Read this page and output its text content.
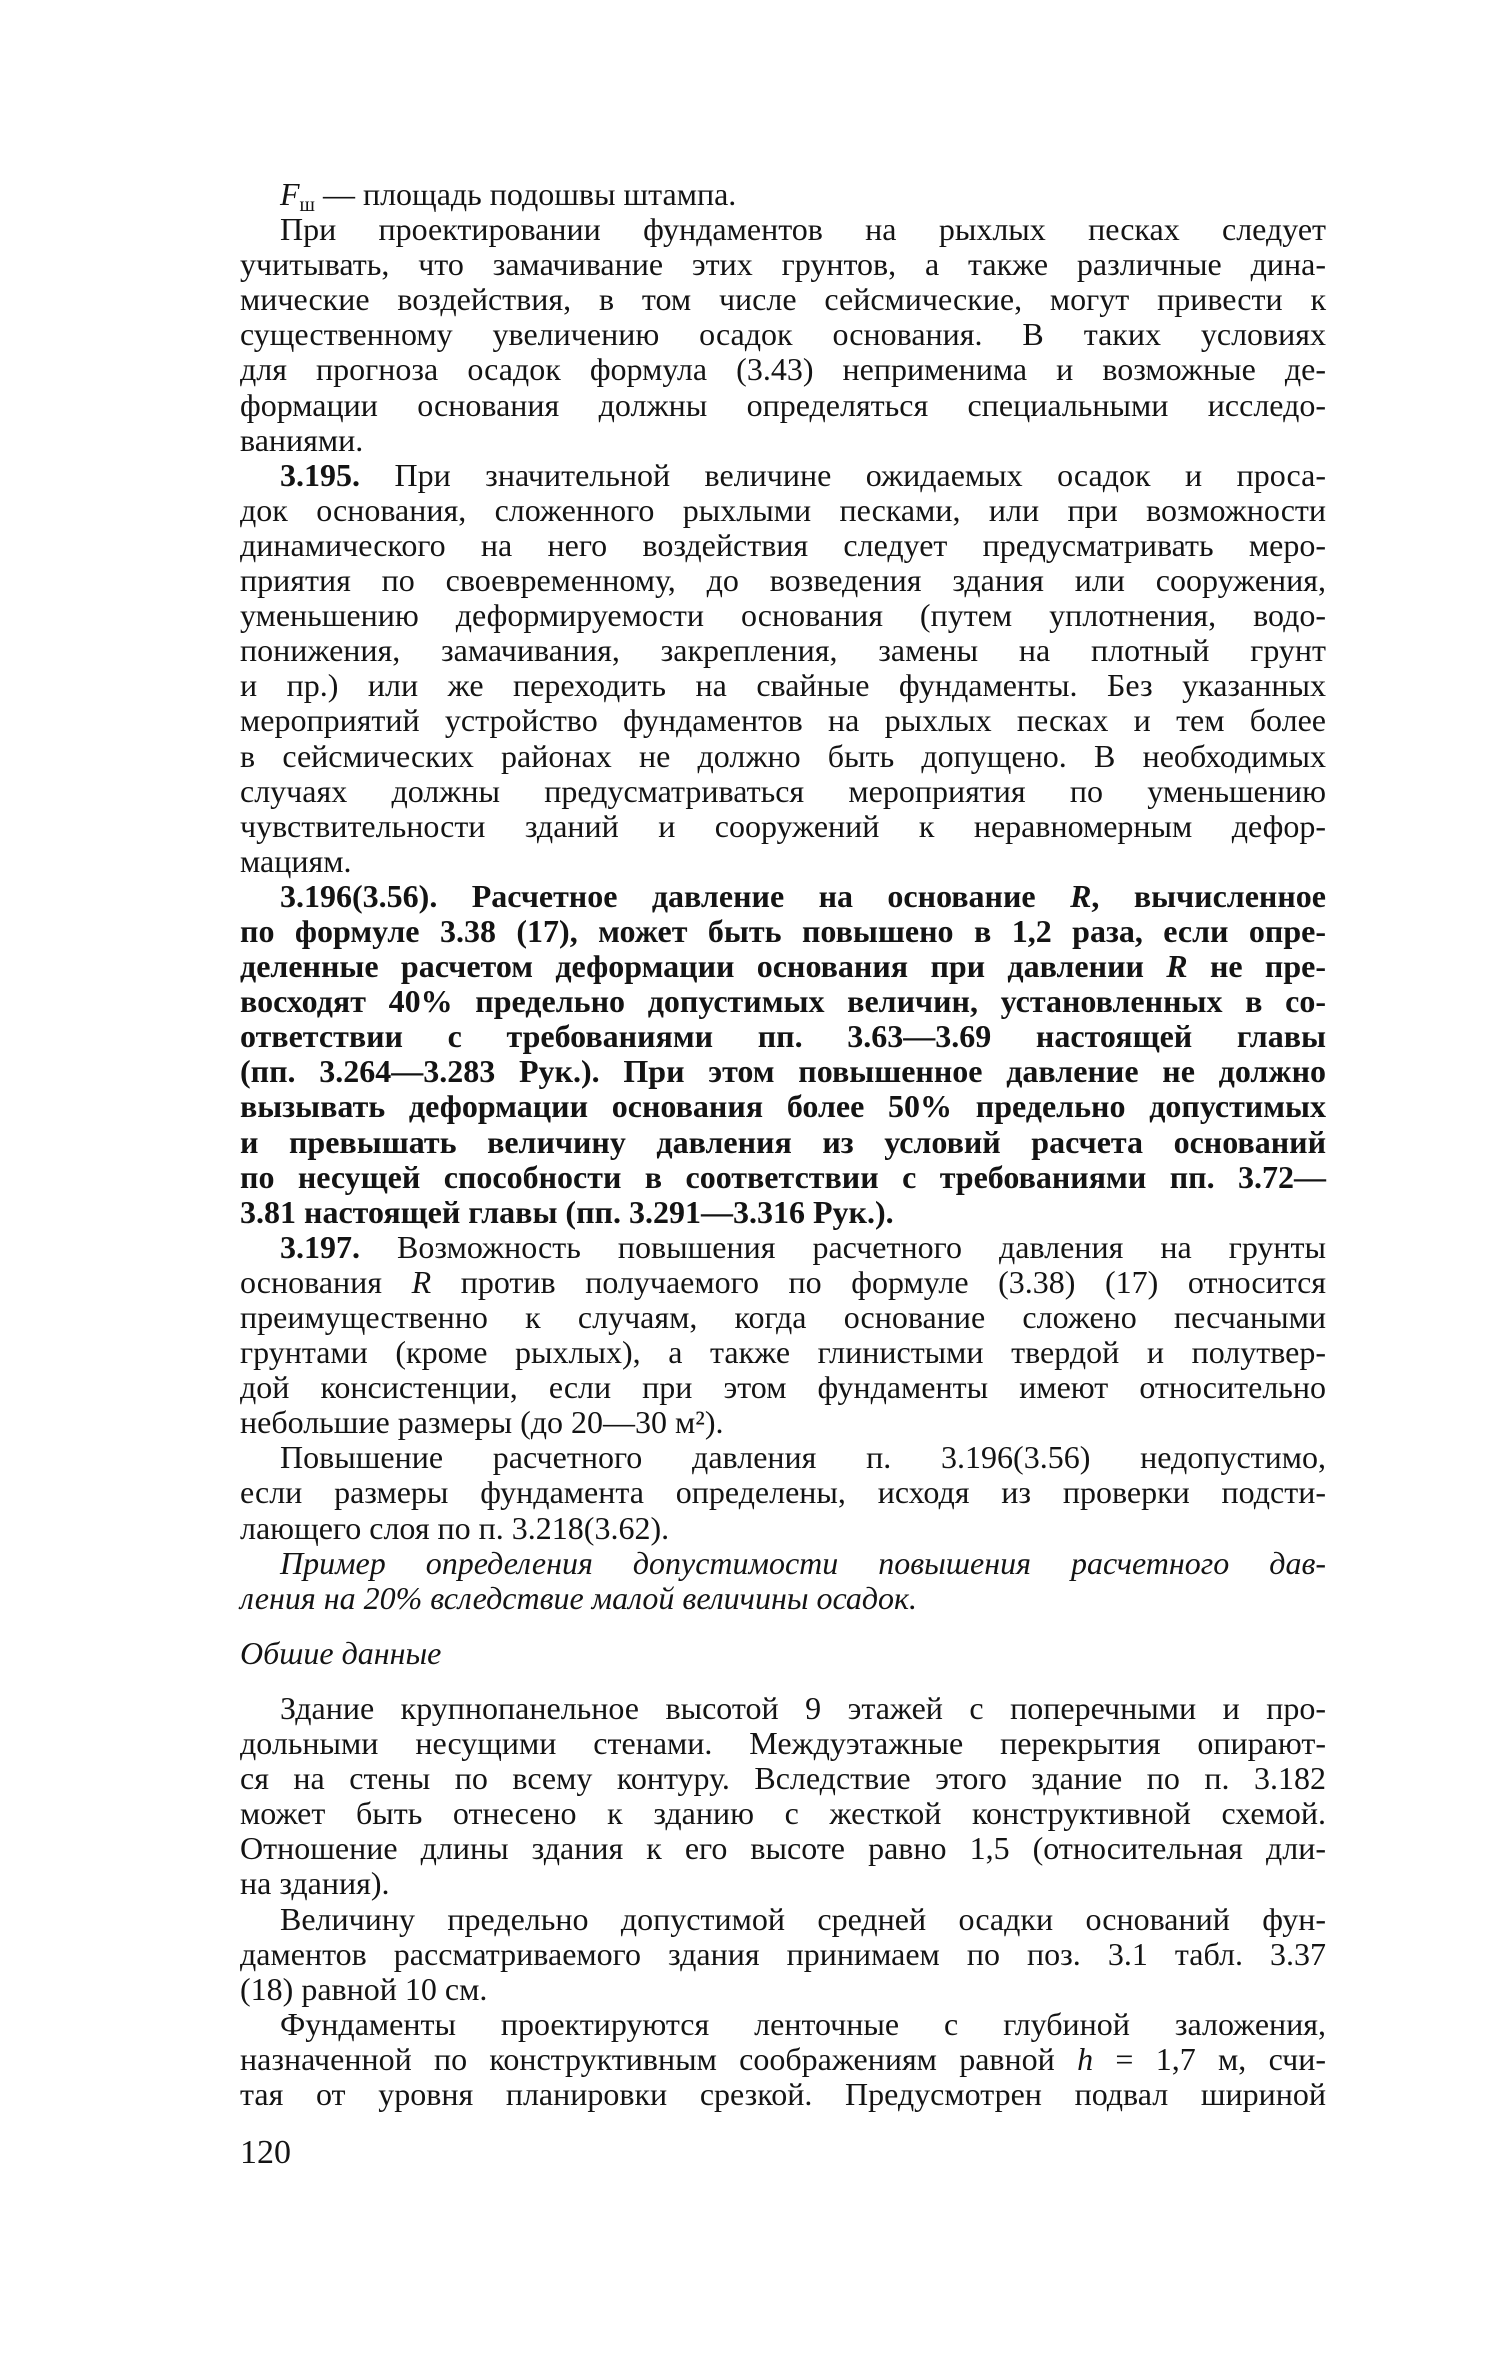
Fш — площадь подошвы штампа.
При проектировании фундаментов на рыхлых песках следует
учитывать, что замачивание этих грунтов, а также различные дина-
мические воздействия, в том числе сейсмические, могут привести к
существенному увеличению осадок основания. В таких условиях
для прогноза осадок формула (3.43) неприменима и возможные де-
формации основания должны определяться специальными исследо-
ваниями.
3.195. При значительной величине ожидаемых осадок и проса-
док основания, сложенного рыхлыми песками, или при возможности
динамического на него воздействия следует предусматривать меро-
приятия по своевременному, до возведения здания или сооружения,
уменьшению деформируемости основания (путем уплотнения, водо-
понижения, замачивания, закрепления, замены на плотный грунт
и пр.) или же переходить на свайные фундаменты. Без указанных
мероприятий устройство фундаментов на рыхлых песках и тем более
в сейсмических районах не должно быть допущено. В необходимых
случаях должны предусматриваться мероприятия по уменьшению
чувствительности зданий и сооружений к неравномерным дефор-
мациям.
3.196(3.56). Расчетное давление на основание R, вычисленное
по формуле 3.38 (17), может быть повышено в 1,2 раза, если опре-
деленные расчетом деформации основания при давлении R не пре-
восходят 40% предельно допустимых величин, установленных в со-
ответствии с требованиями пп. 3.63—3.69 настоящей главы
(пп. 3.264—3.283 Рук.). При этом повышенное давление не должно
вызывать деформации основания более 50% предельно допустимых
и превышать величину давления из условий расчета оснований
по несущей способности в соответствии с требованиями пп. 3.72—
3.81 настоящей главы (пп. 3.291—3.316 Рук.).
3.197. Возможность повышения расчетного давления на грунты
основания R против получаемого по формуле (3.38) (17) относится
преимущественно к случаям, когда основание сложено песчаными
грунтами (кроме рыхлых), а также глинистыми твердой и полутвер-
дой консистенции, если при этом фундаменты имеют относительно
небольшие размеры (до 20—30 м²).
Повышение расчетного давления п. 3.196(3.56) недопустимо,
если размеры фундамента определены, исходя из проверки подсти-
лающего слоя по п. 3.218(3.62).
Пример определения допустимости повышения расчетного дав-
ления на 20% вследствие малой величины осадок.
Обшие данные
Здание крупнопанельное высотой 9 этажей с поперечными и про-
дольными несущими стенами. Междуэтажные перекрытия опирают-
ся на стены по всему контуру. Вследствие этого здание по п. 3.182
может быть отнесено к зданию с жесткой конструктивной схемой.
Отношение длины здания к его высоте равно 1,5 (относительная дли-
на здания).
Величину предельно допустимой средней осадки оснований фун-
даментов рассматриваемого здания принимаем по поз. 3.1 табл. 3.37
(18) равной 10 см.
Фундаменты проектируются ленточные с глубиной заложения,
назначенной по конструктивным соображениям равной h = 1,7 м, счи-
тая от уровня планировки срезкой. Предусмотрен подвал шириной
120
